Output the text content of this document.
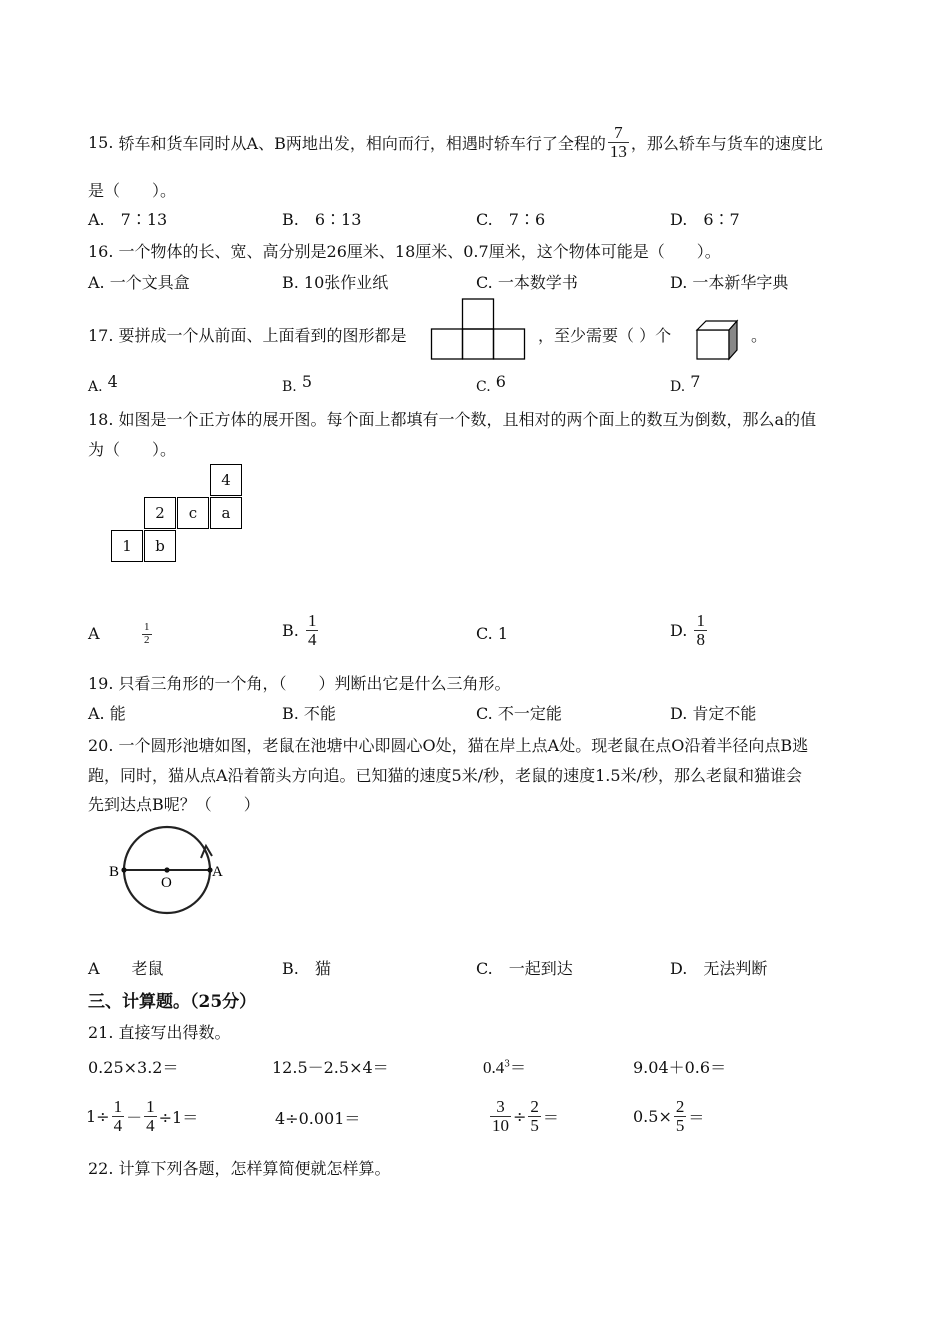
15.
轿车和货车同时从A、B两地出发，相向而行，相遇时轿车行了全程的 $\frac{7}{13}$ ，那么轿车与货车的速度比
是（　　）。
A.　7∶13	B.　6∶13	C.　7∶6	D.　6∶7
16. 一个物体的长、宽、高分别是26厘米、18厘米、0.7厘米，这个物体可能是（　　）。
A. 一个文具盒	B. 10张作业纸	C. 一本数学书	D. 一本新华字典
17. 要拼成一个从前面、上面看到的图形都是	，至少需要（ ）个	。
A. 4	B. 5	C. 6	D. 7
18. 如图是一个正方体的展开图。每个面上都填有一个数，且相对的两个面上的数互为倒数，那么a的值
为（　　）。
4
2	c	a
1	b
A	$\frac{1}{2}$	B.
$\frac{1}{4}$	C. 1	D.
$\frac{1}{8}$
19. 只看三角形的一个角，（　　）判断出它是什么三角形。
A. 能	B. 不能	C. 不一定能	D. 肯定不能
20. 一个圆形池塘如图，老鼠在池塘中心即圆心O处，猫在岸上点A处。现老鼠在点O沿着半径向点B逃
跑，同时，猫从点A沿着箭头方向追。已知猫的速度5米/秒，老鼠的速度1.5米/秒，那么老鼠和猫谁会
先到达点B呢？（　　）
B
O
A
A　　老鼠	B.　猫	C.　一起到达	D.　无法判断
三、计算题。（25分）
21. 直接写出得数。
0.25×3.2＝	12.5－2.5×4＝	$0.4^3=$	9.04＋0.6＝
$1\div \frac{1}{4} - \frac{1}{4} \div 1=$	4÷0.001＝	$\frac{3}{10} \div \frac{2}{5}$ ＝	$0.5\times \frac{2}{5}$ ＝
22. 计算下列各题，怎样算简便就怎样算。
